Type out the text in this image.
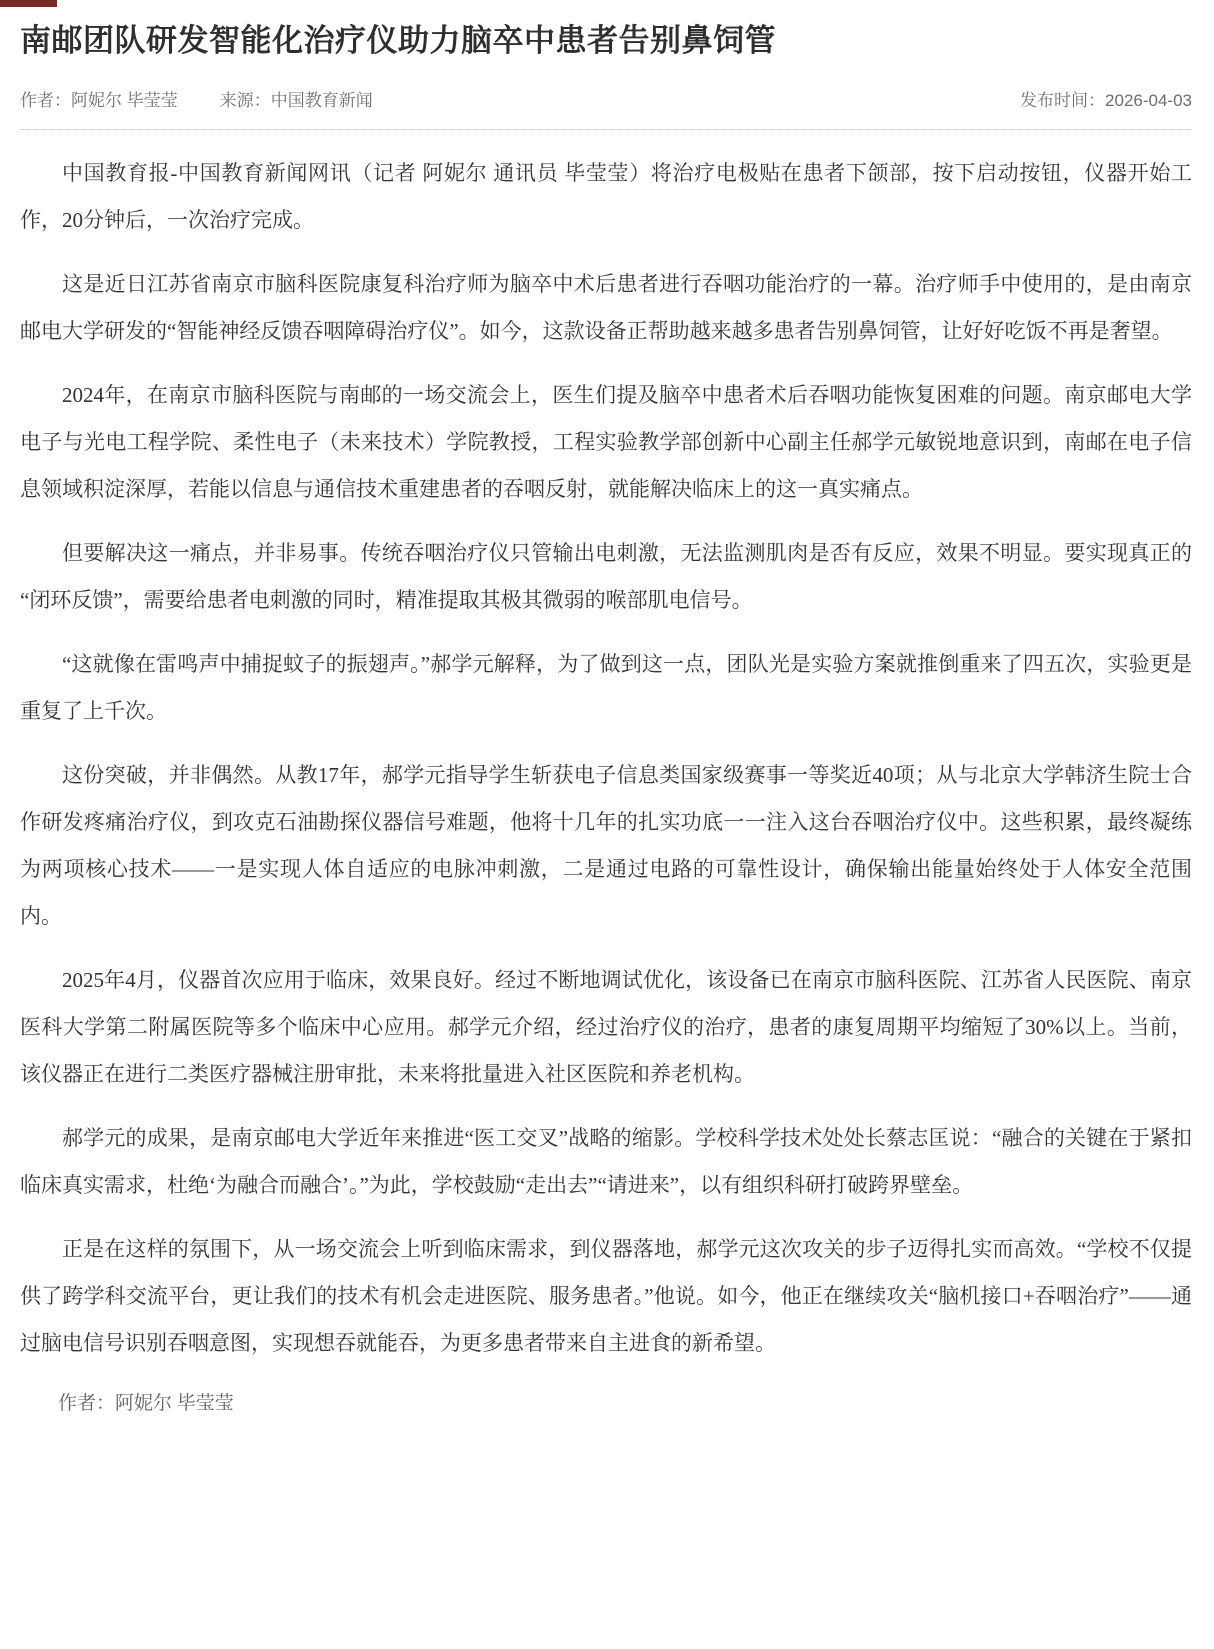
南邮团队研发智能化治疗仪助力脑卒中患者告别鼻饲管
作者：阿妮尔 毕莹莹 来源：中国教育新闻	发布时间：2026-04-03

中国教育报-中国教育新闻网讯（记者 阿妮尔 通讯员 毕莹莹）将治疗电极贴在患者下颌部，按下启动按钮，仪器开始工作，20分钟后，一次治疗完成。

这是近日江苏省南京市脑科医院康复科治疗师为脑卒中术后患者进行吞咽功能治疗的一幕。治疗师手中使用的，是由南京邮电大学研发的“智能神经反馈吞咽障碍治疗仪”。如今，这款设备正帮助越来越多患者告别鼻饲管，让好好吃饭不再是奢望。

2024年，在南京市脑科医院与南邮的一场交流会上，医生们提及脑卒中患者术后吞咽功能恢复困难的问题。南京邮电大学电子与光电工程学院、柔性电子（未来技术）学院教授，工程实验教学部创新中心副主任郝学元敏锐地意识到，南邮在电子信息领域积淀深厚，若能以信息与通信技术重建患者的吞咽反射，就能解决临床上的这一真实痛点。

但要解决这一痛点，并非易事。传统吞咽治疗仪只管输出电刺激，无法监测肌肉是否有反应，效果不明显。要实现真正的“闭环反馈”，需要给患者电刺激的同时，精准提取其极其微弱的喉部肌电信号。

“这就像在雷鸣声中捕捉蚊子的振翅声。”郝学元解释，为了做到这一点，团队光是实验方案就推倒重来了四五次，实验更是重复了上千次。

这份突破，并非偶然。从教17年，郝学元指导学生斩获电子信息类国家级赛事一等奖近40项；从与北京大学韩济生院士合作研发疼痛治疗仪，到攻克石油勘探仪器信号难题，他将十几年的扎实功底一一注入这台吞咽治疗仪中。这些积累，最终凝练为两项核心技术——一是实现人体自适应的电脉冲刺激，二是通过电路的可靠性设计，确保输出能量始终处于人体安全范围内。

2025年4月，仪器首次应用于临床，效果良好。经过不断地调试优化，该设备已在南京市脑科医院、江苏省人民医院、南京医科大学第二附属医院等多个临床中心应用。郝学元介绍，经过治疗仪的治疗，患者的康复周期平均缩短了30%以上。当前，该仪器正在进行二类医疗器械注册审批，未来将批量进入社区医院和养老机构。

郝学元的成果，是南京邮电大学近年来推进“医工交叉”战略的缩影。学校科学技术处处长蔡志匡说：“融合的关键在于紧扣临床真实需求，杜绝‘为融合而融合’。”为此，学校鼓励“走出去”“请进来”，以有组织科研打破跨界壁垒。

正是在这样的氛围下，从一场交流会上听到临床需求，到仪器落地，郝学元这次攻关的步子迈得扎实而高效。“学校不仅提供了跨学科交流平台，更让我们的技术有机会走进医院、服务患者。”他说。如今，他正在继续攻关“脑机接口+吞咽治疗”——通过脑电信号识别吞咽意图，实现想吞就能吞，为更多患者带来自主进食的新希望。

作者：阿妮尔 毕莹莹
